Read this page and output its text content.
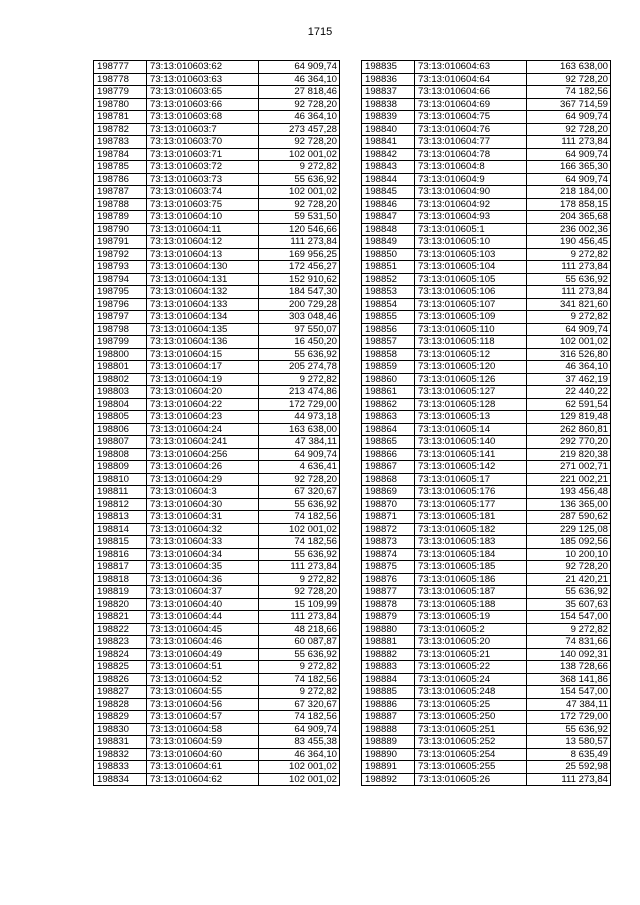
1715
198777	73:13:010603:62	64 909,74
198778	73:13:010603:63	46 364,10
198779	73:13:010603:65	27 818,46
198780	73:13:010603:66	92 728,20
198781	73:13:010603:68	46 364,10
198782	73:13:010603:7	273 457,28
198783	73:13:010603:70	92 728,20
198784	73:13:010603:71	102 001,02
198785	73:13:010603:72	9 272,82
198786	73:13:010603:73	55 636,92
198787	73:13:010603:74	102 001,02
198788	73:13:010603:75	92 728,20
198789	73:13:010604:10	59 531,50
198790	73:13:010604:11	120 546,66
198791	73:13:010604:12	111 273,84
198792	73:13:010604:13	169 956,25
198793	73:13:010604:130	172 456,27
198794	73:13:010604:131	152 910,62
198795	73:13:010604:132	184 547,30
198796	73:13:010604:133	200 729,28
198797	73:13:010604:134	303 048,46
198798	73:13:010604:135	97 550,07
198799	73:13:010604:136	16 450,20
198800	73:13:010604:15	55 636,92
198801	73:13:010604:17	205 274,78
198802	73:13:010604:19	9 272,82
198803	73:13:010604:20	213 474,86
198804	73:13:010604:22	172 729,00
198805	73:13:010604:23	44 973,18
198806	73:13:010604:24	163 638,00
198807	73:13:010604:241	47 384,11
198808	73:13:010604:256	64 909,74
198809	73:13:010604:26	4 636,41
198810	73:13:010604:29	92 728,20
198811	73:13:010604:3	67 320,67
198812	73:13:010604:30	55 636,92
198813	73:13:010604:31	74 182,56
198814	73:13:010604:32	102 001,02
198815	73:13:010604:33	74 182,56
198816	73:13:010604:34	55 636,92
198817	73:13:010604:35	111 273,84
198818	73:13:010604:36	9 272,82
198819	73:13:010604:37	92 728,20
198820	73:13:010604:40	15 109,99
198821	73:13:010604:44	111 273,84
198822	73:13:010604:45	48 218,66
198823	73:13:010604:46	60 087,87
198824	73:13:010604:49	55 636,92
198825	73:13:010604:51	9 272,82
198826	73:13:010604:52	74 182,56
198827	73:13:010604:55	9 272,82
198828	73:13:010604:56	67 320,67
198829	73:13:010604:57	74 182,56
198830	73:13:010604:58	64 909,74
198831	73:13:010604:59	83 455,38
198832	73:13:010604:60	46 364,10
198833	73:13:010604:61	102 001,02
198834	73:13:010604:62	102 001,02
198835	73:13:010604:63	163 638,00
198836	73:13:010604:64	92 728,20
198837	73:13:010604:66	74 182,56
198838	73:13:010604:69	367 714,59
198839	73:13:010604:75	64 909,74
198840	73:13:010604:76	92 728,20
198841	73:13:010604:77	111 273,84
198842	73:13:010604:78	64 909,74
198843	73:13:010604:8	166 365,30
198844	73:13:010604:9	64 909,74
198845	73:13:010604:90	218 184,00
198846	73:13:010604:92	178 858,15
198847	73:13:010604:93	204 365,68
198848	73:13:010605:1	236 002,36
198849	73:13:010605:10	190 456,45
198850	73:13:010605:103	9 272,82
198851	73:13:010605:104	111 273,84
198852	73:13:010605:105	55 636,92
198853	73:13:010605:106	111 273,84
198854	73:13:010605:107	341 821,60
198855	73:13:010605:109	9 272,82
198856	73:13:010605:110	64 909,74
198857	73:13:010605:118	102 001,02
198858	73:13:010605:12	316 526,80
198859	73:13:010605:120	46 364,10
198860	73:13:010605:126	37 462,19
198861	73:13:010605:127	22 440,22
198862	73:13:010605:128	62 591,54
198863	73:13:010605:13	129 819,48
198864	73:13:010605:14	262 860,81
198865	73:13:010605:140	292 770,20
198866	73:13:010605:141	219 820,38
198867	73:13:010605:142	271 002,71
198868	73:13:010605:17	221 002,21
198869	73:13:010605:176	193 456,48
198870	73:13:010605:177	136 365,00
198871	73:13:010605:181	287 590,62
198872	73:13:010605:182	229 125,08
198873	73:13:010605:183	185 092,56
198874	73:13:010605:184	10 200,10
198875	73:13:010605:185	92 728,20
198876	73:13:010605:186	21 420,21
198877	73:13:010605:187	55 636,92
198878	73:13:010605:188	35 607,63
198879	73:13:010605:19	154 547,00
198880	73:13:010605:2	9 272,82
198881	73:13:010605:20	74 831,66
198882	73:13:010605:21	140 092,31
198883	73:13:010605:22	138 728,66
198884	73:13:010605:24	368 141,86
198885	73:13:010605:248	154 547,00
198886	73:13:010605:25	47 384,11
198887	73:13:010605:250	172 729,00
198888	73:13:010605:251	55 636,92
198889	73:13:010605:252	13 580,57
198890	73:13:010605:254	8 635,49
198891	73:13:010605:255	25 592,98
198892	73:13:010605:26	111 273,84
